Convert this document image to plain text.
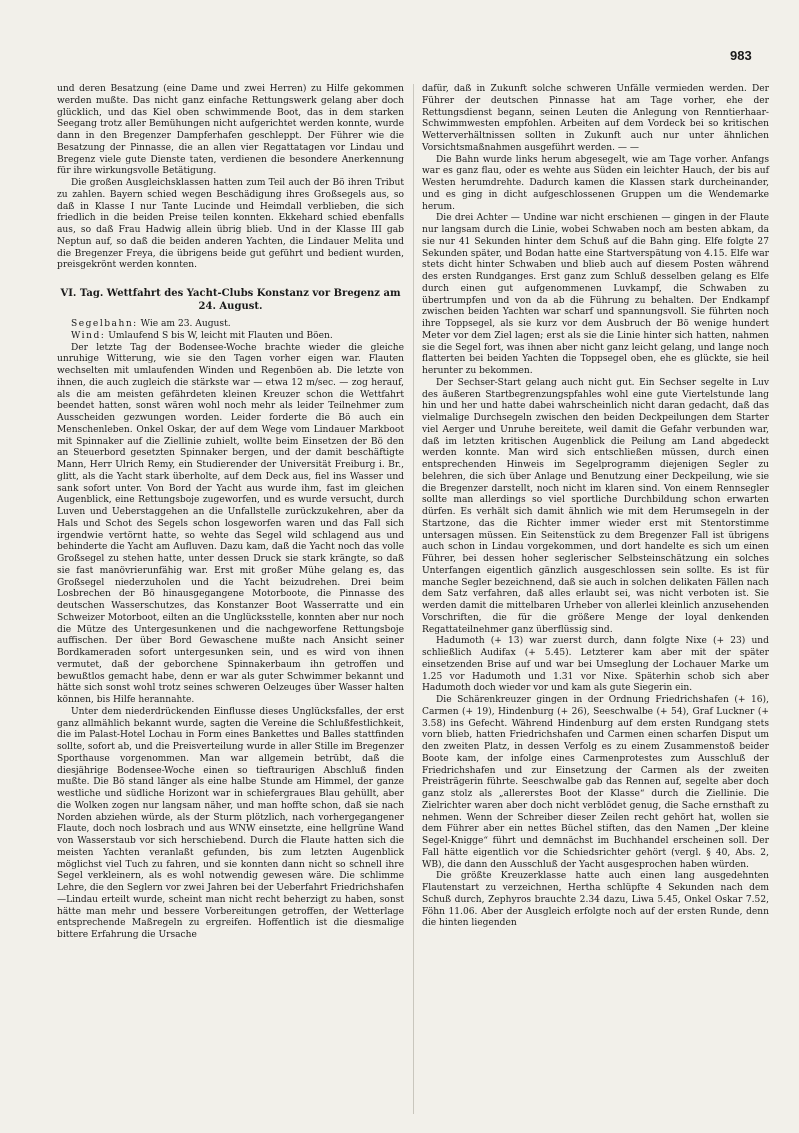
983

und deren Besatzung (eine Dame und zwei Herren) zu Hilfe gekommen werden mußte. Das nicht ganz einfache Rettungswerk gelang aber doch glücklich, und das Kiel oben schwimmende Boot, das in dem starken Seegang trotz aller Bemühungen nicht aufgerichtet werden konnte, wurde dann in den Bregenzer Dampferhafen geschleppt. Der Führer wie die Besatzung der Pinnasse, die an allen vier Regattatagen vor Lindau und Bregenz viele gute Dienste taten, verdienen die besondere Anerkennung für ihre wirkungsvolle Betätigung.

Die großen Ausgleichsklassen hatten zum Teil auch der Bö ihren Tribut zu zahlen. Bayern schied wegen Beschädigung ihres Großsegels aus, so daß in Klasse I nur Tante Lucinde und Heimdall verblieben, die sich friedlich in die beiden Preise teilen konnten. Ekkehard schied ebenfalls aus, so daß Frau Hadwig allein übrig blieb. Und in der Klasse III gab Neptun auf, so daß die beiden anderen Yachten, die Lindauer Melita und die Bregenzer Freya, die übrigens beide gut geführt und bedient wurden, preisgekrönt werden konnten.

VI. Tag. Wettfahrt des Yacht-Clubs Konstanz vor Bregenz am 24. August.

Segelbahn: Wie am 23. August.

Wind: Umlaufend S bis W, leicht mit Flauten und Böen.

Der letzte Tag der Bodensee-Woche brachte wieder die gleiche unruhige Witterung, wie sie den Tagen vorher eigen war. Flauten wechselten mit umlaufenden Winden und Regenböen ab. Die letzte von ihnen, die auch zugleich die stärkste war — etwa 12 m/sec. — zog herauf, als die am meisten gefährdeten kleinen Kreuzer schon die Wettfahrt beendet hatten, sonst wären wohl noch mehr als leider Teilnehmer zum Ausscheiden gezwungen worden. Leider forderte die Bö auch ein Menschenleben. Onkel Oskar, der auf dem Wege vom Lindauer Markboot mit Spinnaker auf die Ziellinie zuhielt, wollte beim Einsetzen der Bö den an Steuerbord gesetzten Spinnaker bergen, und der damit beschäftigte Mann, Herr Ulrich Remy, ein Studierender der Universität Freiburg i. Br., glitt, als die Yacht stark überholte, auf dem Deck aus, fiel ins Wasser und sank sofort unter. Von Bord der Yacht aus wurde ihm, fast im gleichen Augenblick, eine Rettungsboje zugeworfen, und es wurde versucht, durch Luven und Ueberstaggehen an die Unfallstelle zurückzukehren, aber da Hals und Schot des Segels schon losgeworfen waren und das Fall sich irgendwie vertörnt hatte, so wehte das Segel wild schlagend aus und behinderte die Yacht am Aufluven. Dazu kam, daß die Yacht noch das volle Großsegel zu stehen hatte, unter dessen Druck sie stark krängte, so daß sie fast manövrierunfähig war. Erst mit großer Mühe gelang es, das Großsegel niederzuholen und die Yacht beizudrehen. Drei beim Losbrechen der Bö hinausgegangene Motorboote, die Pinnasse des deutschen Wasserschutzes, das Konstanzer Boot Wasserratte und ein Schweizer Motorboot, eilten an die Unglücksstelle, konnten aber nur noch die Mütze des Untergesunkenen und die nachgeworfene Rettungsboje auffischen. Der über Bord Gewaschene mußte nach Ansicht seiner Bordkameraden sofort untergesunken sein, und es wird von ihnen vermutet, daß der geborchene Spinnakerbaum ihn getroffen und bewußtlos gemacht habe, denn er war als guter Schwimmer bekannt und hätte sich sonst wohl trotz seines schweren Oelzeuges über Wasser halten können, bis Hilfe herannahte.

Unter dem niederdrückenden Einflusse dieses Unglücksfalles, der erst ganz allmählich bekannt wurde, sagten die Vereine die Schlußfestlichkeit, die im Palast-Hotel Lochau in Form eines Bankettes und Balles stattfinden sollte, sofort ab, und die Preisverteilung wurde in aller Stille im Bregenzer Sporthause vorgenommen. Man war allgemein betrübt, daß die diesjährige Bodensee-Woche einen so tieftraurigen Abschluß finden mußte. Die Bö stand länger als eine halbe Stunde am Himmel, der ganze westliche und südliche Horizont war in schiefergraues Blau gehüllt, aber die Wolken zogen nur langsam näher, und man hoffte schon, daß sie nach Norden abziehen würde, als der Sturm plötzlich, nach vorhergegangener Flaute, doch noch losbrach und aus WNW einsetzte, eine hellgrüne Wand von Wasserstaub vor sich herschiebend. Durch die Flaute hatten sich die meisten Yachten veranlaßt gefunden, bis zum letzten Augenblick möglichst viel Tuch zu fahren, und sie konnten dann nicht so schnell ihre Segel verkleinern, als es wohl notwendig gewesen wäre. Die schlimme Lehre, die den Seglern vor zwei Jahren bei der Ueberfahrt Friedrichshafen—Lindau erteilt wurde, scheint man nicht recht beherzigt zu haben, sonst hätte man mehr und bessere Vorbereitungen getroffen, der Wetterlage entsprechende Maßregeln zu ergreifen. Hoffentlich ist die diesmalige bittere Erfahrung die Ursache

dafür, daß in Zukunft solche schweren Unfälle vermieden werden. Der Führer der deutschen Pinnasse hat am Tage vorher, ehe der Rettungsdienst begann, seinen Leuten die Anlegung von Renntierhaar-Schwimmwesten empfohlen. Arbeiten auf dem Vordeck bei so kritischen Wetterverhältnissen sollten in Zukunft auch nur unter ähnlichen Vorsichtsmaßnahmen ausgeführt werden. — —

Die Bahn wurde links herum abgesegelt, wie am Tage vorher. Anfangs war es ganz flau, oder es wehte aus Süden ein leichter Hauch, der bis auf Westen herumdrehte. Dadurch kamen die Klassen stark durcheinander, und es ging in dicht aufgeschlossenen Gruppen um die Wendemarke herum.

Die drei Achter — Undine war nicht erschienen — gingen in der Flaute nur langsam durch die Linie, wobei Schwaben noch am besten abkam, da sie nur 41 Sekunden hinter dem Schuß auf die Bahn ging. Elfe folgte 27 Sekunden später, und Bodan hatte eine Startverspätung von 4.15. Elfe war stets dicht hinter Schwaben und blieb auch auf diesem Posten während des ersten Rundganges. Erst ganz zum Schluß desselben gelang es Elfe durch einen gut aufgenommenen Luvkampf, die Schwaben zu übertrumpfen und von da ab die Führung zu behalten. Der Endkampf zwischen beiden Yachten war scharf und spannungsvoll. Sie führten noch ihre Toppsegel, als sie kurz vor dem Ausbruch der Bö wenige hundert Meter vor dem Ziel lagen; erst als sie die Linie hinter sich hatten, nahmen sie die Segel fort, was ihnen aber nicht ganz leicht gelang, und lange noch flatterten bei beiden Yachten die Toppsegel oben, ehe es glückte, sie heil herunter zu bekommen.

Der Sechser-Start gelang auch nicht gut. Ein Sechser segelte in Luv des äußeren Startbegrenzungspfahles wohl eine gute Viertelstunde lang hin und her und hatte dabei wahrscheinlich nicht daran gedacht, daß das vielmalige Durchsegeln zwischen den beiden Deckpeilungen dem Starter viel Aerger und Unruhe bereitete, weil damit die Gefahr verbunden war, daß im letzten kritischen Augenblick die Peilung am Land abgedeckt werden konnte. Man wird sich entschließen müssen, durch einen entsprechenden Hinweis im Segelprogramm diejenigen Segler zu belehren, die sich über Anlage und Benutzung einer Deckpeilung, wie sie die Bregenzer darstellt, noch nicht im klaren sind. Von einem Rennsegler sollte man allerdings so viel sportliche Durchbildung schon erwarten dürfen. Es verhält sich damit ähnlich wie mit dem Herumsegeln in der Startzone, das die Richter immer wieder erst mit Stentorstimme untersagen müssen. Ein Seitenstück zu dem Bregenzer Fall ist übrigens auch schon in Lindau vorgekommen, und dort handelte es sich um einen Führer, bei dessen hoher seglerischer Selbsteinschätzung ein solches Unterfangen eigentlich gänzlich ausgeschlossen sein sollte. Es ist für manche Segler bezeichnend, daß sie auch in solchen delikaten Fällen nach dem Satz verfahren, daß alles erlaubt sei, was nicht verboten ist. Sie werden damit die mittelbaren Urheber von allerlei kleinlich anzusehenden Vorschriften, die für die größere Menge der loyal denkenden Regattateilnehmer ganz überflüssig sind.

Hadumoth (+ 13) war zuerst durch, dann folgte Nixe (+ 23) und schließlich Audifax (+ 5.45). Letzterer kam aber mit der später einsetzenden Brise auf und war bei Umseglung der Lochauer Marke um 1.25 vor Hadumoth und 1.31 vor Nixe. Späterhin schob sich aber Hadumoth doch wieder vor und kam als gute Siegerin ein.

Die Schärenkreuzer gingen in der Ordnung Friedrichshafen (+ 16), Carmen (+ 19), Hindenburg (+ 26), Seeschwalbe (+ 54), Graf Luckner (+ 3.58) ins Gefecht. Während Hindenburg auf dem ersten Rundgang stets vorn blieb, hatten Friedrichshafen und Carmen einen scharfen Disput um den zweiten Platz, in dessen Verfolg es zu einem Zusammenstoß beider Boote kam, der infolge eines Carmenprotestes zum Ausschluß der Friedrichshafen und zur Einsetzung der Carmen als der zweiten Preisträgerin führte. Seeschwalbe gab das Rennen auf, segelte aber doch ganz stolz als „allererstes Boot der Klasse“ durch die Ziellinie. Die Zielrichter waren aber doch nicht verblödet genug, die Sache ernsthaft zu nehmen. Wenn der Schreiber dieser Zeilen recht gehört hat, wollen sie dem Führer aber ein nettes Büchel stiften, das den Namen „Der kleine Segel-Knigge“ führt und demnächst im Buchhandel erscheinen soll. Der Fall hätte eigentlich vor die Schiedsrichter gehört (vergl. § 40, Abs. 2, WB), die dann den Ausschluß der Yacht ausgesprochen haben würden.

Die größte Kreuzerklasse hatte auch einen lang ausgedehnten Flautenstart zu verzeichnen, Hertha schlüpfte 4 Sekunden nach dem Schuß durch, Zephyros brauchte 2.34 dazu, Liwa 5.45, Onkel Oskar 7.52, Föhn 11.06. Aber der Ausgleich erfolgte noch auf der ersten Runde, denn die hinten liegenden
